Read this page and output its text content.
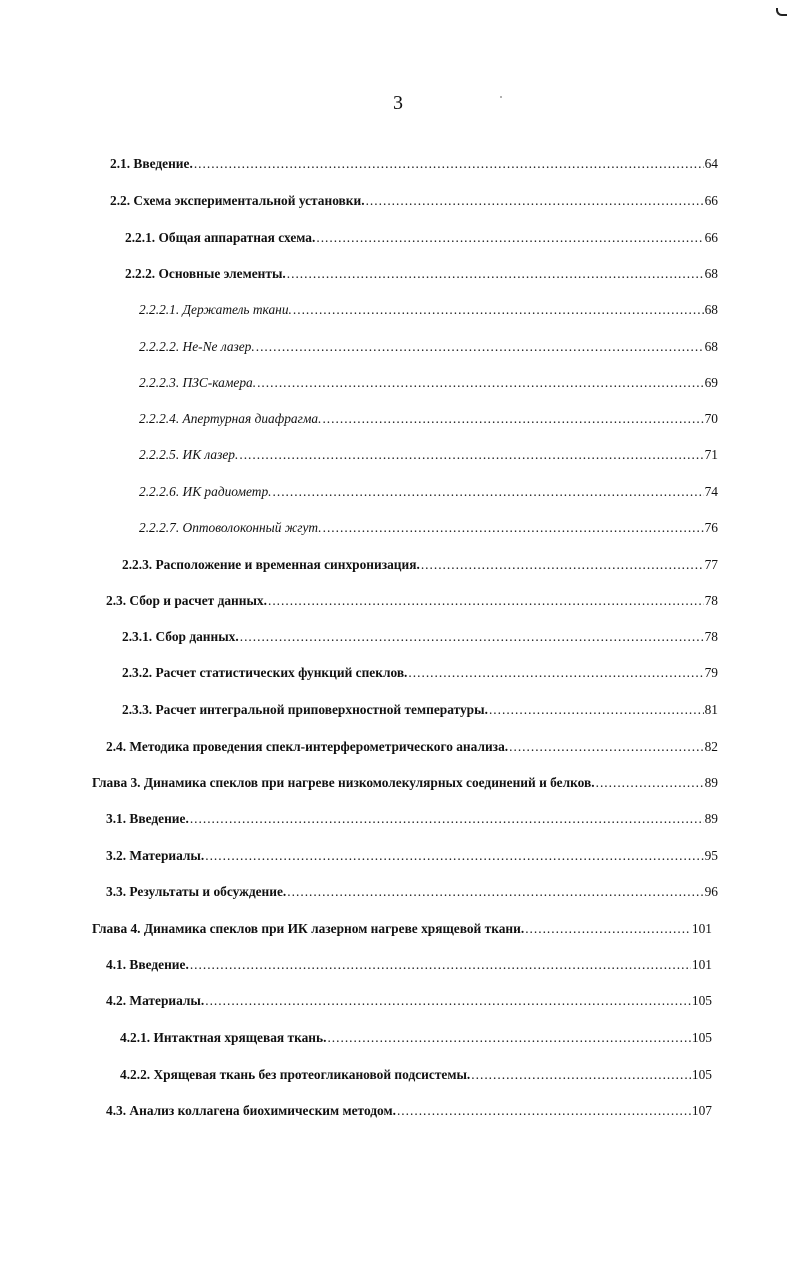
3
2.1. Введение. .....	64
2.2. Схема экспериментальной установки. .....	66
2.2.1. Общая аппаратная схема. .....	66
2.2.2. Основные элементы. .....	68
2.2.2.1. Держатель ткани. .....	68
2.2.2.2. He-Ne лазер. .....	68
2.2.2.3. ПЗС-камера. .....	69
2.2.2.4. Апертурная диафрагма. .....	70
2.2.2.5. ИК лазер. .....	71
2.2.2.6. ИК радиометр. .....	74
2.2.2.7. Оптоволоконный жгут. .....	76
2.2.3. Расположение и временная синхронизация. .....	77
2.3. Сбор и расчет данных. .....	78
2.3.1. Сбор данных. .....	78
2.3.2. Расчет статистических функций спеклов. .....	79
2.3.3. Расчет интегральной приповерхностной температуры. .....	81
2.4. Методика проведения спекл-интерферометрического анализа. .....	82
Глава 3. Динамика спеклов при нагреве низкомолекулярных соединений и белков. .....	89
3.1. Введение. .....	89
3.2. Материалы. .....	95
3.3. Результаты и обсуждение. .....	96
Глава 4. Динамика спеклов при ИК лазерном нагреве хрящевой ткани. .....	101
4.1. Введение. .....	101
4.2. Материалы. .....	105
4.2.1. Интактная хрящевая ткань. .....	105
4.2.2. Хрящевая ткань без протеогликановой подсистемы. .....	105
4.3. Анализ коллагена биохимическим методом. .....	107
